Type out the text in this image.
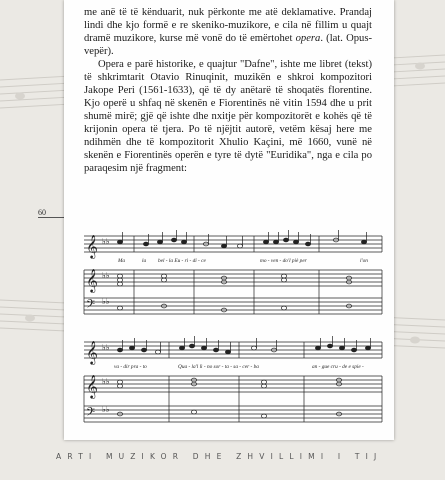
60

me anë të të kënduarit, nuk përkonte me atë deklamative. Prandaj lindi dhe kjo formë e re skeniko-muzikore, e cila në fillim u quajt dramë muzikore, kurse më vonë do të emërtohet opera. (lat. Opus-vepër).

Opera e parë historike, e quajtur "Dafne", ishte me libret (tekst) të shkrimtarit Otavio Rinuqinit, muzikën e shkroi kompozitori Jakope Peri (1561-1633), që të dy anëtarë të shoqatës florentine. Kjo operë u shfaq në skenën e Fiorentinës në vitin 1594 dhe u prit shumë mirë; gjë që ishte dhe nxitje për kompozitorët e kohës që të krijonin opera të tjera. Po të njëjtit autorë, vetëm kësaj here me ndihmën dhe të kompozitorit Xhulio Kaçini, më 1660, vunë në skenën e Fiorentinës operën e tyre të dytë "Euridika", nga e cila po paraqesim një fragment:

𝄞
𝄞
𝄢
𝄞
𝄞
𝄢
♭♭
♭♭
♭♭
♭♭
♭♭
♭♭
Ma	la bel - la Eu - ri - di - ce	mo - ven - do'l piè per	l'on
va - dir pra - to	Qua - la'l lì - no sor - ta - sa - cer - ba	an - gue cru - de e spie -
ARTI MUZIKOR DHE ZHVILLIMI I TIJ
